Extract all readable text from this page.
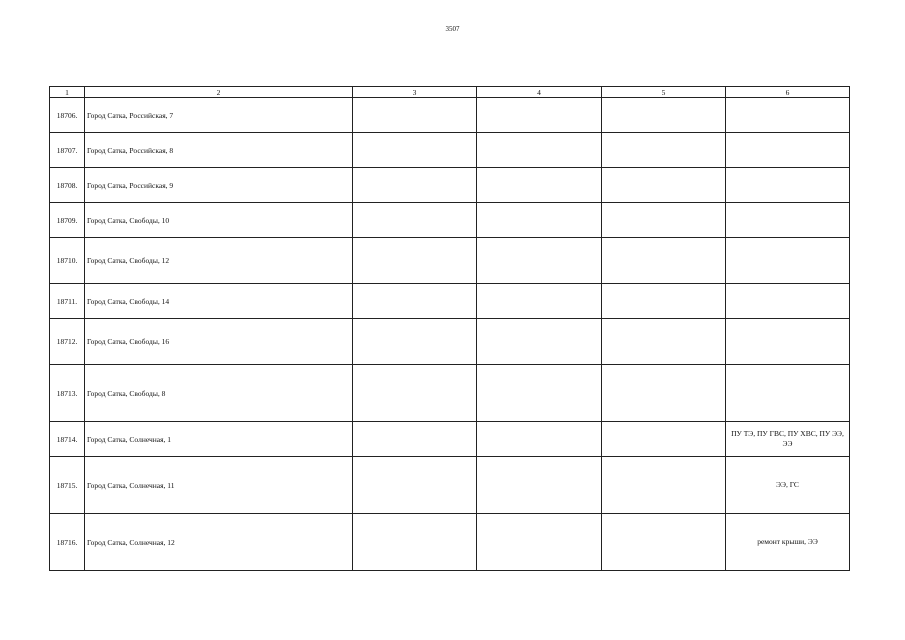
3507
1	2	3	4	5	6
18706.	Город Сатка, Российская, 7				
18707.	Город Сатка, Российская, 8				
18708.	Город Сатка, Российская, 9				
18709.	Город Сатка, Свободы, 10				
18710.	Город Сатка, Свободы, 12				
18711.	Город Сатка, Свободы, 14				
18712.	Город Сатка, Свободы, 16				
18713.	Город Сатка, Свободы, 8				
18714.	Город Сатка, Солнечная, 1				ПУ ТЭ, ПУ ГВС, ПУ ХВС, ПУ ЭЭ, ЭЭ
18715.	Город Сатка, Солнечная, 11				ЭЭ, ГС
18716.	Город Сатка, Солнечная, 12				ремонт крыши, ЭЭ
